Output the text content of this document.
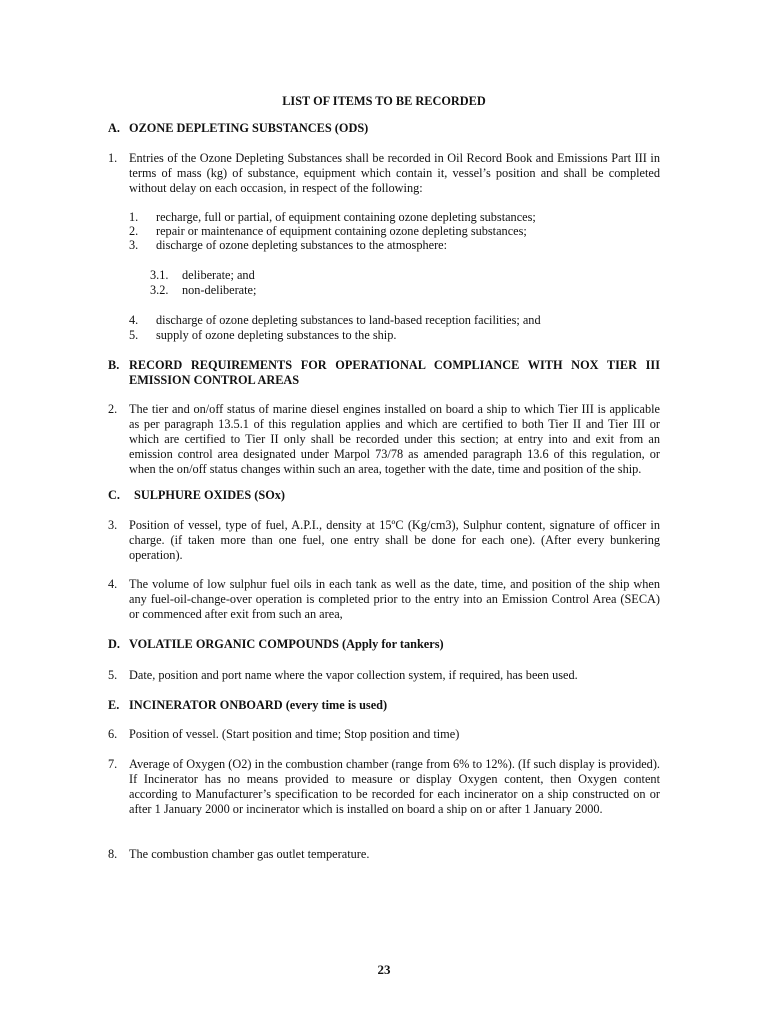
LIST OF ITEMS TO BE RECORDED
A. OZONE DEPLETING SUBSTANCES (ODS)
1. Entries of the Ozone Depleting Substances shall be recorded in Oil Record Book and Emissions Part III in terms of mass (kg) of substance, equipment which contain it, vessel’s position and shall be completed without delay on each occasion, in respect of the following:
1. recharge, full or partial, of equipment containing ozone depleting substances;
2. repair or maintenance of equipment containing ozone depleting substances;
3. discharge of ozone depleting substances to the atmosphere:
3.1. deliberate; and
3.2. non-deliberate;
4. discharge of ozone depleting substances to land-based reception facilities; and
5. supply of ozone depleting substances to the ship.
B. RECORD REQUIREMENTS FOR OPERATIONAL COMPLIANCE WITH NOX TIER III
EMISSION CONTROL AREAS
2. The tier and on/off status of marine diesel engines installed on board a ship to which Tier III is applicable as per paragraph 13.5.1 of this regulation applies and which are certified to both Tier II and Tier III or which are certified to Tier II only shall be recorded under this section; at entry into and exit from an emission control area designated under Marpol 73/78 as amended paragraph 13.6 of this regulation, or when the on/off status changes within such an area, together with the date, time and position of the ship.
C. SULPHURE OXIDES (SOx)
3. Position of vessel, type of fuel, A.P.I., density at 15ºC (Kg/cm3), Sulphur content, signature of officer in charge. (if taken more than one fuel, one entry shall be done for each one). (After every bunkering operation).
4. The volume of low sulphur fuel oils in each tank as well as the date, time, and position of the ship when any fuel-oil-change-over operation is completed prior to the entry into an Emission Control Area (SECA) or commenced after exit from such an area,
D. VOLATILE ORGANIC COMPOUNDS (Apply for tankers)
5. Date, position and port name where the vapor collection system, if required, has been used.
E. INCINERATOR ONBOARD (every time is used)
6. Position of vessel. (Start position and time; Stop position and time)
7. Average of Oxygen (O2) in the combustion chamber (range from 6% to 12%). (If such display is provided). If Incinerator has no means provided to measure or display Oxygen content, then Oxygen content according to Manufacturer’s specification to be recorded for each incinerator on a ship constructed on or after 1 January 2000 or incinerator which is installed on board a ship on or after 1 January 2000.
8. The combustion chamber gas outlet temperature.
23
